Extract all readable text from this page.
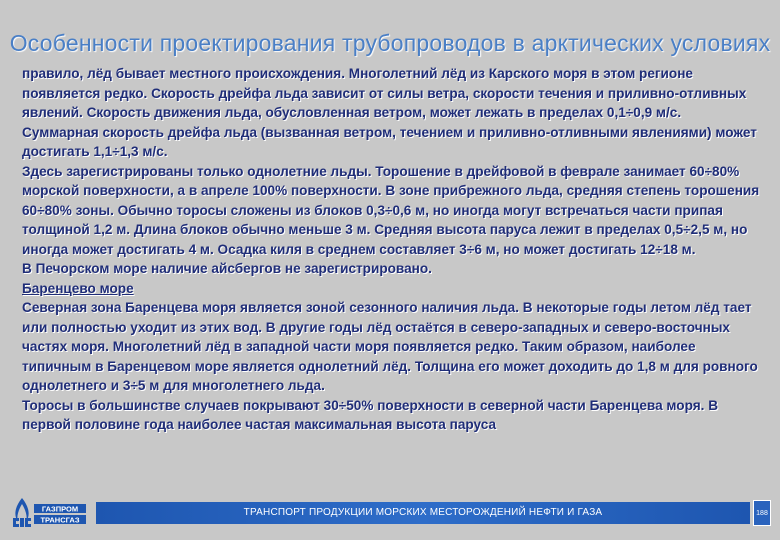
Особенности проектирования трубопроводов в арктических условиях

правило, лёд бывает местного происхождения. Многолетний лёд из Карского моря в этом регионе появляется редко. Скорость дрейфа льда зависит от силы ветра, скорости течения и приливно-отливных явлений. Скорость движения льда, обусловленная ветром, может лежать в пределах 0,1÷0,9 м/с. Суммарная скорость дрейфа льда (вызванная ветром, течением и приливно-отливными явлениями) может достигать 1,1÷1,3 м/с.

Здесь зарегистрированы только однолетние льды. Торошение в дрейфовой в феврале занимает 60÷80% морской поверхности, а в апреле 100% поверхности. В зоне прибрежного льда, средняя степень торошения 60÷80% зоны. Обычно торосы сложены из блоков 0,3÷0,6 м, но иногда могут встречаться части припая толщиной 1,2 м. Длина блоков обычно меньше 3 м. Средняя высота паруса лежит в пределах 0,5÷2,5 м, но иногда может достигать 4 м. Осадка киля в среднем составляет 3÷6 м, но может достигать 12÷18 м.

В Печорском море наличие айсбергов не зарегистрировано.

Баренцево море

Северная зона Баренцева моря является зоной сезонного наличия льда. В некоторые годы летом лёд тает или полностью уходит из этих вод. В другие годы лёд остаётся в северо-западных и северо-восточных частях моря. Многолетний лёд в западной части моря появляется редко. Таким образом, наиболее типичным в Баренцевом море является однолетний лёд. Толщина его может доходить до 1,8 м для ровного однолетнего и 3÷5 м для многолетнего льда.

Торосы в большинстве случаев покрывают 30÷50% поверхности в северной части Баренцева моря. В первой половине года наиболее частая максимальная высота паруса

ГАЗПРОМ
ТРАНСГАЗ
ТРАНСПОРТ ПРОДУКЦИИ МОРСКИХ МЕСТОРОЖДЕНИЙ НЕФТИ И ГАЗА	188
